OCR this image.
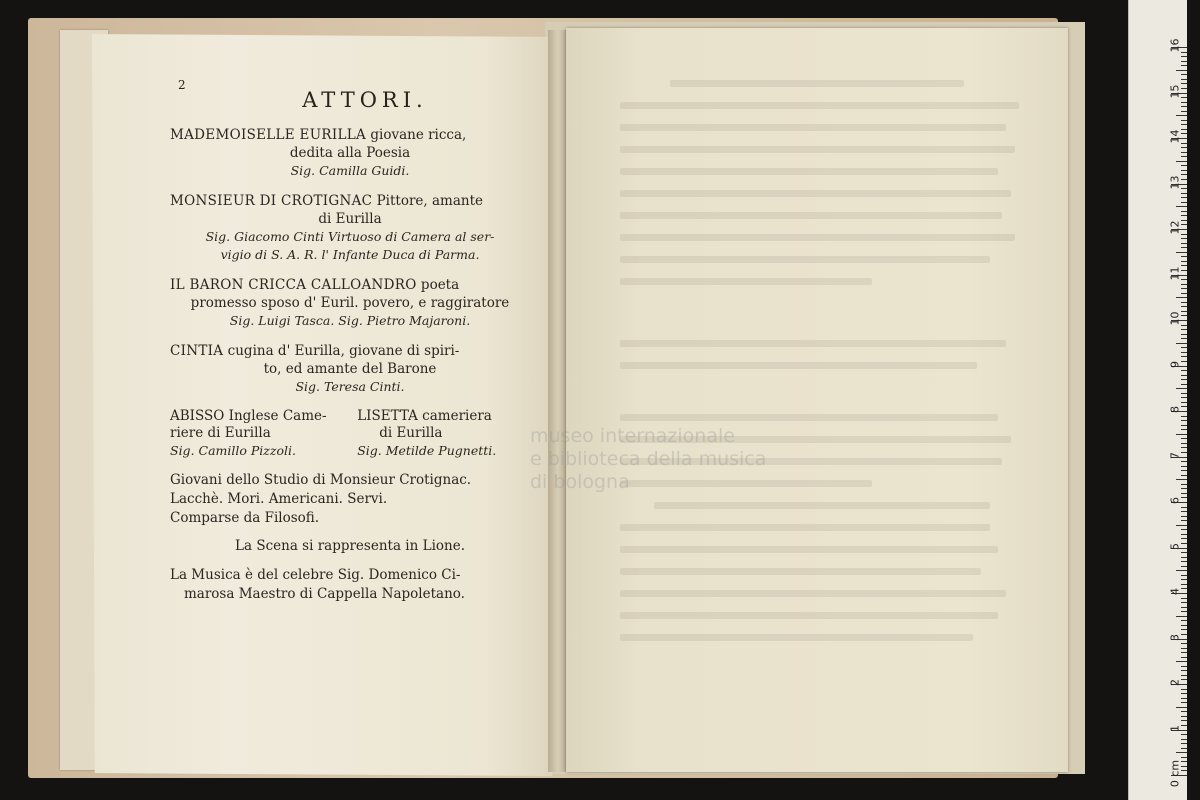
museo internazionale
e biblioteca della musica
di bologna
0 cm
1
2
3
4
5
6
7
8
9
10
11
12
13
14
15
16
2
ATTORI.
MADEMOISELLE EURILLA giovane ricca,
dedita alla Poesia
Sig. Camilla Guidi.
MONSIEUR DI CROTIGNAC Pittore, amante
di Eurilla
Sig. Giacomo Cinti Virtuoso di Camera al ser-
vigio di S. A. R. l' Infante Duca di Parma.
IL BARON CRICCA CALLOANDRO poeta
promesso sposo d' Euril. povero, e raggiratore
Sig. Luigi Tasca. Sig. Pietro Majaroni.
CINTIA cugina d' Eurilla, giovane di spiri-
to, ed amante del Barone
Sig. Teresa Cinti.
ABISSO Inglese Came-
riere di Eurilla
Sig. Camillo Pizzoli.
LISETTA cameriera
di Eurilla
Sig. Metilde Pugnetti.
Giovani dello Studio di Monsieur Crotignac.
Lacchè. Mori. Americani. Servi.
Comparse da Filosofi.
La Scena si rappresenta in Lione.
La Musica è del celebre Sig. Domenico Ci-
marosa Maestro di Cappella Napoletano.
